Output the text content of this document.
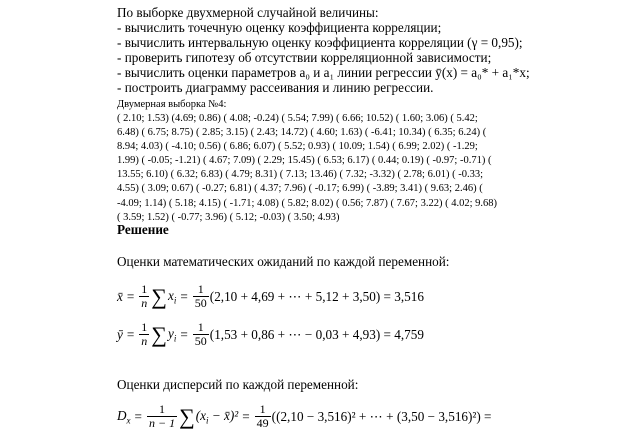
По выборке двухмерной случайной величины:
- вычислить точечную оценку коэффициента корреляции;
- вычислить интервальную оценку коэффициента корреляции (γ = 0,95);
- проверить гипотезу об отсутствии корреляционной зависимости;
- вычислить оценки параметров a₀ и a₁ линии регрессии ȳ(x) = a₀* + a₁*x;
- построить диаграмму рассеивания и линию регрессии.
Двумерная выборка №4:
( 2.10; 1.53) (4.69; 0.86) ( 4.08; -0.24) ( 5.54; 7.99) ( 6.66; 10.52) ( 1.60; 3.06) ( 5.42; 6.48) ( 6.75; 8.75) ( 2.85; 3.15) ( 2.43; 14.72) ( 4.60; 1.63) ( -6.41; 10.34) ( 6.35; 6.24) ( 8.94; 4.03) ( -4.10; 0.56) ( 6.86; 6.07) ( 5.52; 0.93) ( 10.09; 1.54) ( 6.99; 2.02) ( -1.29; 1.99) ( -0.05; -1.21) ( 4.67; 7.09) ( 2.29; 15.45) ( 6.53; 6.17) ( 0.44; 0.19) ( -0.97; -0.71) ( 13.55; 6.10) ( 6.32; 6.83) ( 4.79; 8.31) ( 7.13; 13.46) ( 7.32; -3.32) ( 2.78; 6.01) ( -0.33; 4.55) ( 3.09; 0.67) ( -0.27; 6.81) ( 4.37; 7.96) ( -0.17; 6.99) ( -3.89; 3.41) ( 9.63; 2.46) ( -4.09; 1.14) ( 5.18; 4.15) ( -1.71; 4.08) ( 5.82; 8.02) ( 0.56; 7.87) ( 7.67; 3.22) ( 4.02; 9.68) ( 3.59; 1.52) ( -0.77; 3.96) ( 5.12; -0.03) ( 3.50; 4.93)
Решение
Оценки математических ожиданий по каждой переменной:
x̄ = $\frac{1}{n}$ ∑ $x_i = \frac{1}{50} (2,10 + 4,69$ + ⋯ + 5,12 + 3,50) = 3,516
ȳ = $\frac{1}{n}$ ∑ $y_i = \frac{1}{50} (1,53 + 0,86$ + ⋯ − 0,03 + 4,93) = 4,759
Оценки дисперсий по каждой переменной:
$D_x = \frac{1}{n - 1}$ ∑ ($x_i$ − x̄)² = $\frac{1}{49} ((2,10 - 3,516)^2$ + ⋯ + (3,50 − 3,516)²) =
